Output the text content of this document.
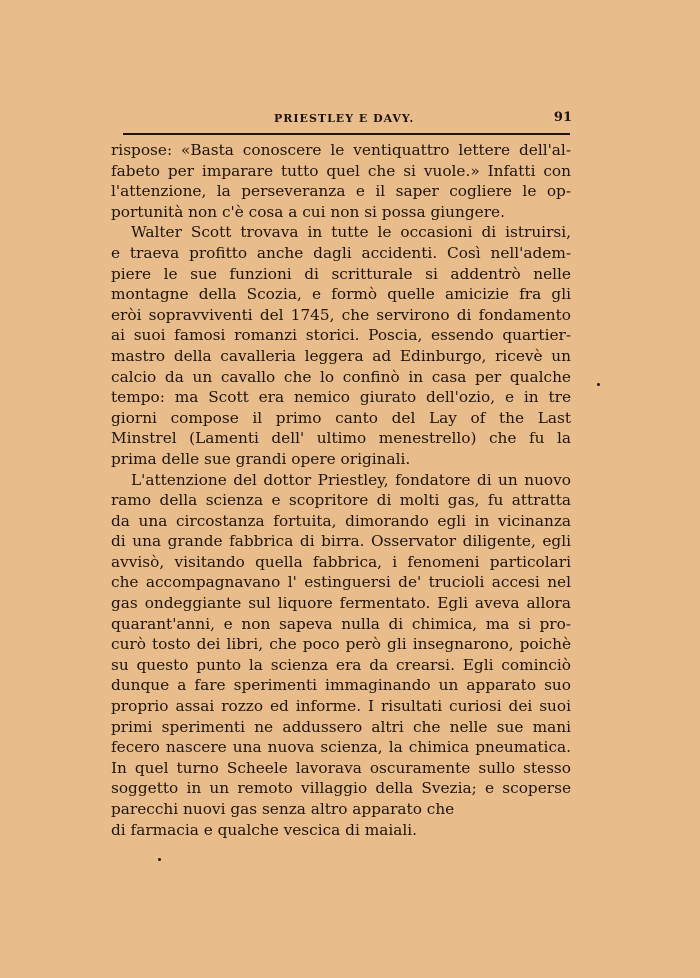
PRIESTLEY E DAVY.	91
rispose: «Basta conoscere le ventiquattro lettere dell'al-
fabeto per imparare tutto quel che si vuole.» Infatti con
l'attenzione, la perseveranza e il saper cogliere le op-
portunità non c'è cosa a cui non si possa giungere.
Walter Scott trovava in tutte le occasioni di istruirsi,
e traeva profitto anche dagli accidenti. Così nell'adem-
piere le sue funzioni di scritturale si addentrò nelle
montagne della Scozia, e formò quelle amicizie fra gli
eròi sopravviventi del 1745, che servirono di fondamento
ai suoi famosi romanzi storici. Poscia, essendo quartier-
mastro della cavalleria leggera ad Edinburgo, ricevè un
calcio da un cavallo che lo confinò in casa per qualche
tempo: ma Scott era nemico giurato dell'ozio, e in tre
giorni compose il primo canto del Lay of the Last
Minstrel (Lamenti dell' ultimo menestrello) che fu la
prima delle sue grandi opere originali.
L'attenzione del dottor Priestley, fondatore di un nuovo
ramo della scienza e scopritore di molti gas, fu attratta
da una circostanza fortuita, dimorando egli in vicinanza
di una grande fabbrica di birra. Osservator diligente, egli
avvisò, visitando quella fabbrica, i fenomeni particolari
che accompagnavano l' estinguersi de' trucioli accesi nel
gas ondeggiante sul liquore fermentato. Egli aveva allora
quarant'anni, e non sapeva nulla di chimica, ma si pro-
curò tosto dei libri, che poco però gli insegnarono, poichè
su questo punto la scienza era da crearsi. Egli cominciò
dunque a fare sperimenti immaginando un apparato suo
proprio assai rozzo ed informe. I risultati curiosi dei suoi
primi sperimenti ne addussero altri che nelle sue mani
fecero nascere una nuova scienza, la chimica pneumatica.
In quel turno Scheele lavorava oscuramente sullo stesso
soggetto in un remoto villaggio della Svezia; e scoperse
parecchi nuovi gas senza altro apparato che
di farmacia e qualche vescica di maiali.
